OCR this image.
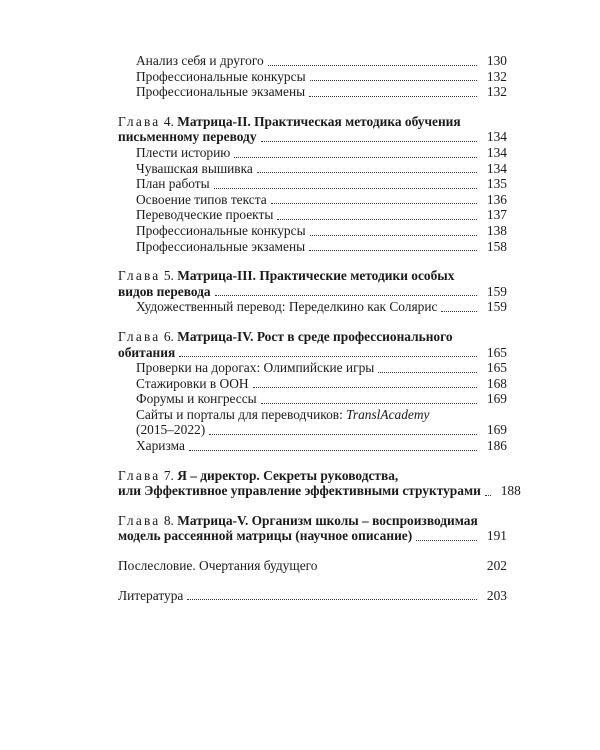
Анализ себя и другого	130
Профессиональные конкурсы	132
Профессиональные экзамены	132
Глава 4. Матрица-II. Практическая методика обучения
письменному переводу	134
Плести историю	134
Чувашская вышивка	134
План работы	135
Освоение типов текста	136
Переводческие проекты	137
Профессиональные конкурсы	138
Профессиональные экзамены	158
Глава 5. Матрица-III. Практические методики особых
видов перевода	159
Художественный перевод: Переделкино как Солярис	159
Глава 6. Матрица-IV. Рост в среде профессионального
обитания	165
Проверки на дорогах: Олимпийские игры	165
Стажировки в ООН	168
Форумы и конгрессы	169
Сайты и порталы для переводчиков: TranslAcademy
(2015–2022)	169
Харизма	186
Глава 7. Я – директор. Секреты руководства,
или Эффективное управление эффективными структурами	188
Глава 8. Матрица-V. Организм школы – воспроизводимая
модель рассеянной матрицы (научное описание)	191
Послесловие. Очертания будущего	202
Литература	203
